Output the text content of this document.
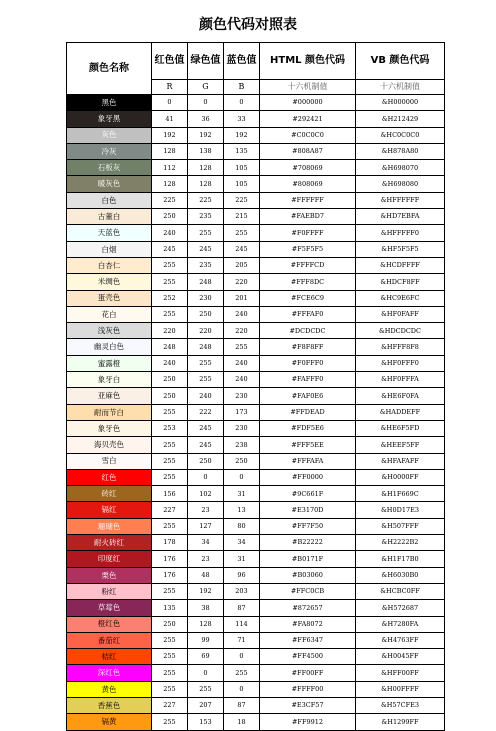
颜色代码对照表
颜色名称	红色值	绿色值	蓝色值	HTML 颜色代码	VB 颜色代码
	R	G	B	十六机制值	十六机制值
黑色	0	0	0	#000000	&H000000
象牙黑	41	36	33	#292421	&H212429
灰色	192	192	192	#C0C0C0	&HC0C0C0
冷灰	128	138	135	#808A87	&H878A80
石板灰	112	128	105	#708069	&H698070
暖灰色	128	128	105	#808069	&H698080
白色	225	225	225	#FFFFFF	&HFFFFFF
古董白	250	235	215	#FAEBD7	&HD7EBFA
天蓝色	240	255	255	#F0FFFF	&HFFFFF0
白烟	245	245	245	#F5F5F5	&HF5F5F5
白杏仁	255	235	205	#FFFFCD	&HCDFFFF
米绸色	255	248	220	#FFF8DC	&HDCF8FF
蛋壳色	252	230	201	#FCE6C9	&HC9E6FC
花白	255	250	240	#FFFAF0	&HF0FAFF
浅灰色	220	220	220	#DCDCDC	&HDCDCDC
幽灵白色	248	248	255	#F8F8FF	&HFFF8F8
蜜露橙	240	255	240	#F0FFF0	&HF0FFF0
象牙白	250	255	240	#FAFFF0	&HF0FFFA
亚麻色	250	240	230	#FAF0E6	&HE6F0FA
耐而节白	255	222	173	#FFDEAD	&HADDEFF
象牙色	253	245	230	#FDF5E6	&HE6F5FD
海贝壳色	255	245	238	#FFF5EE	&HEEF5FF
雪白	255	250	250	#FFFAFA	&HFAFAFF
红色	255	0	0	#FF0000	&H0000FF
砖红	156	102	31	#9C661F	&H1F669C
镉红	227	23	13	#E3170D	&H0D17E3
珊瑚色	255	127	80	#FF7F50	&H507FFF
耐火砖红	178	34	34	#B22222	&H2222B2
印度红	176	23	31	#B0171F	&H1F17B0
栗色	176	48	96	#B03060	&H6030B0
粉红	255	192	203	#FFC0CB	&HCBC0FF
草莓色	135	38	87	#872657	&H572687
橙红色	250	128	114	#FA8072	&H7280FA
番茄红	255	99	71	#FF6347	&H4763FF
桔红	255	69	0	#FF4500	&H0045FF
深红色	255	0	255	#FF00FF	&HFF00FF
黄色	255	255	0	#FFFF00	&H00FFFF
香蕉色	227	207	87	#E3CF57	&H57CFE3
镉黄	255	153	18	#FF9912	&H1299FF
